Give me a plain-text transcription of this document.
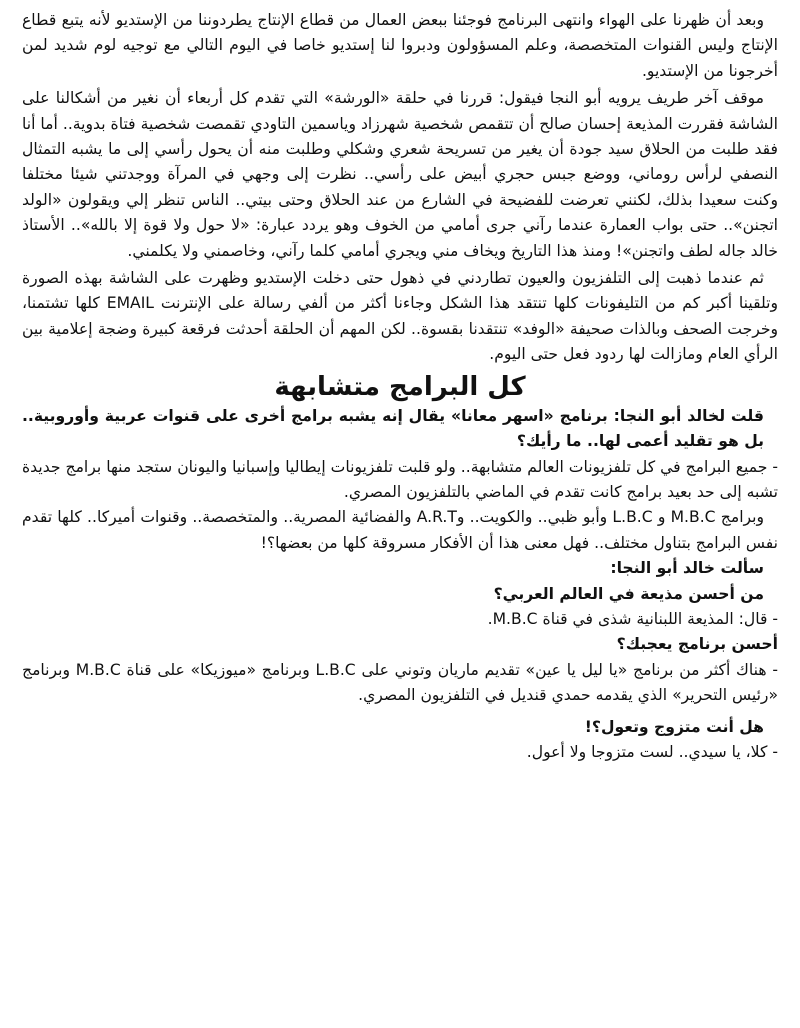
وبعد أن ظهرنا على الهواء وانتهى البرنامج فوجئنا ببعض العمال من قطاع الإنتاج يطردوننا من الإستديو لأنه يتبع قطاع الإنتاج وليس القنوات المتخصصة، وعلم المسؤولون ودبروا لنا إستديو خاصا في اليوم التالي مع توجيه لوم شديد لمن أخرجونا من الإستديو.

موقف آخر طريف يرويه أبو النجا فيقول: قررنا في حلقة «الورشة» التي تقدم كل أربعاء أن نغير من أشكالنا على الشاشة فقررت المذيعة إحسان صالح أن تتقمص شخصية شهرزاد وياسمين التاودي تقمصت شخصية فتاة بدوية.. أما أنا فقد طلبت من الحلاق سيد جودة أن يغير من تسريحة شعري وشكلي وطلبت منه أن يحول رأسي إلى ما يشبه التمثال النصفي لرأس روماني، ووضع جبس حجري أبيض على رأسي.. نظرت إلى وجهي في المرآة ووجدتني شيئا مختلفا وكنت سعيدا بذلك، لكنني تعرضت للفضيحة في الشارع من عند الحلاق وحتى بيتي.. الناس تنظر إلي ويقولون «الولد اتجنن».. حتى بواب العمارة عندما رآني جرى أمامي من الخوف وهو يردد عبارة: «لا حول ولا قوة إلا بالله».. الأستاذ خالد جاله لطف واتجنن»! ومنذ هذا التاريخ ويخاف مني ويجري أمامي كلما رآني، وخاصمني ولا يكلمني.

ثم عندما ذهبت إلى التلفزيون والعيون تطاردني في ذهول حتى دخلت الإستديو وظهرت على الشاشة بهذه الصورة وتلقينا أكبر كم من التليفونات كلها تنتقد هذا الشكل وجاءنا أكثر من ألفي رسالة على الإنترنت EMAIL كلها تشتمنا، وخرجت الصحف وبالذات صحيفة «الوفد» تنتقدنا بقسوة.. لكن المهم أن الحلقة أحدثت فرقعة كبيرة وضجة إعلامية بين الرأي العام ومازالت لها ردود فعل حتى اليوم.

كل البرامج متشابهة

قلت لخالد أبو النجا: برنامج «اسهر معانا» يقال إنه يشبه برامج أخرى على قنوات عربية وأوروبية.. بل هو تقليد أعمى لها.. ما رأيك؟

- جميع البرامج في كل تلفزيونات العالم متشابهة.. ولو قلبت تلفزيونات إيطاليا وإسبانيا واليونان ستجد منها برامج جديدة تشبه إلى حد بعيد برامج كانت تقدم في الماضي بالتلفزيون المصري.

وبرامج M.B.C و L.B.C وأبو ظبي.. والكويت.. وA.R.T والفضائية المصرية.. والمتخصصة.. وقنوات أميركا.. كلها تقدم نفس البرامج بتناول مختلف.. فهل معنى هذا أن الأفكار مسروقة كلها من بعضها؟!

سألت خالد أبو النجا:

من أحسن مذيعة في العالم العربي؟

- قال: المذيعة اللبنانية شذى في قناة M.B.C.

أحسن برنامج يعجبك؟

- هناك أكثر من برنامج «يا ليل يا عين» تقديم ماريان وتوني على L.B.C وبرنامج «ميوزيكا» على قناة M.B.C وبرنامج «رئيس التحرير» الذي يقدمه حمدي قنديل في التلفزيون المصري.

هل أنت متزوج وتعول؟!

- كلا، يا سيدي.. لست متزوجا ولا أعول.
